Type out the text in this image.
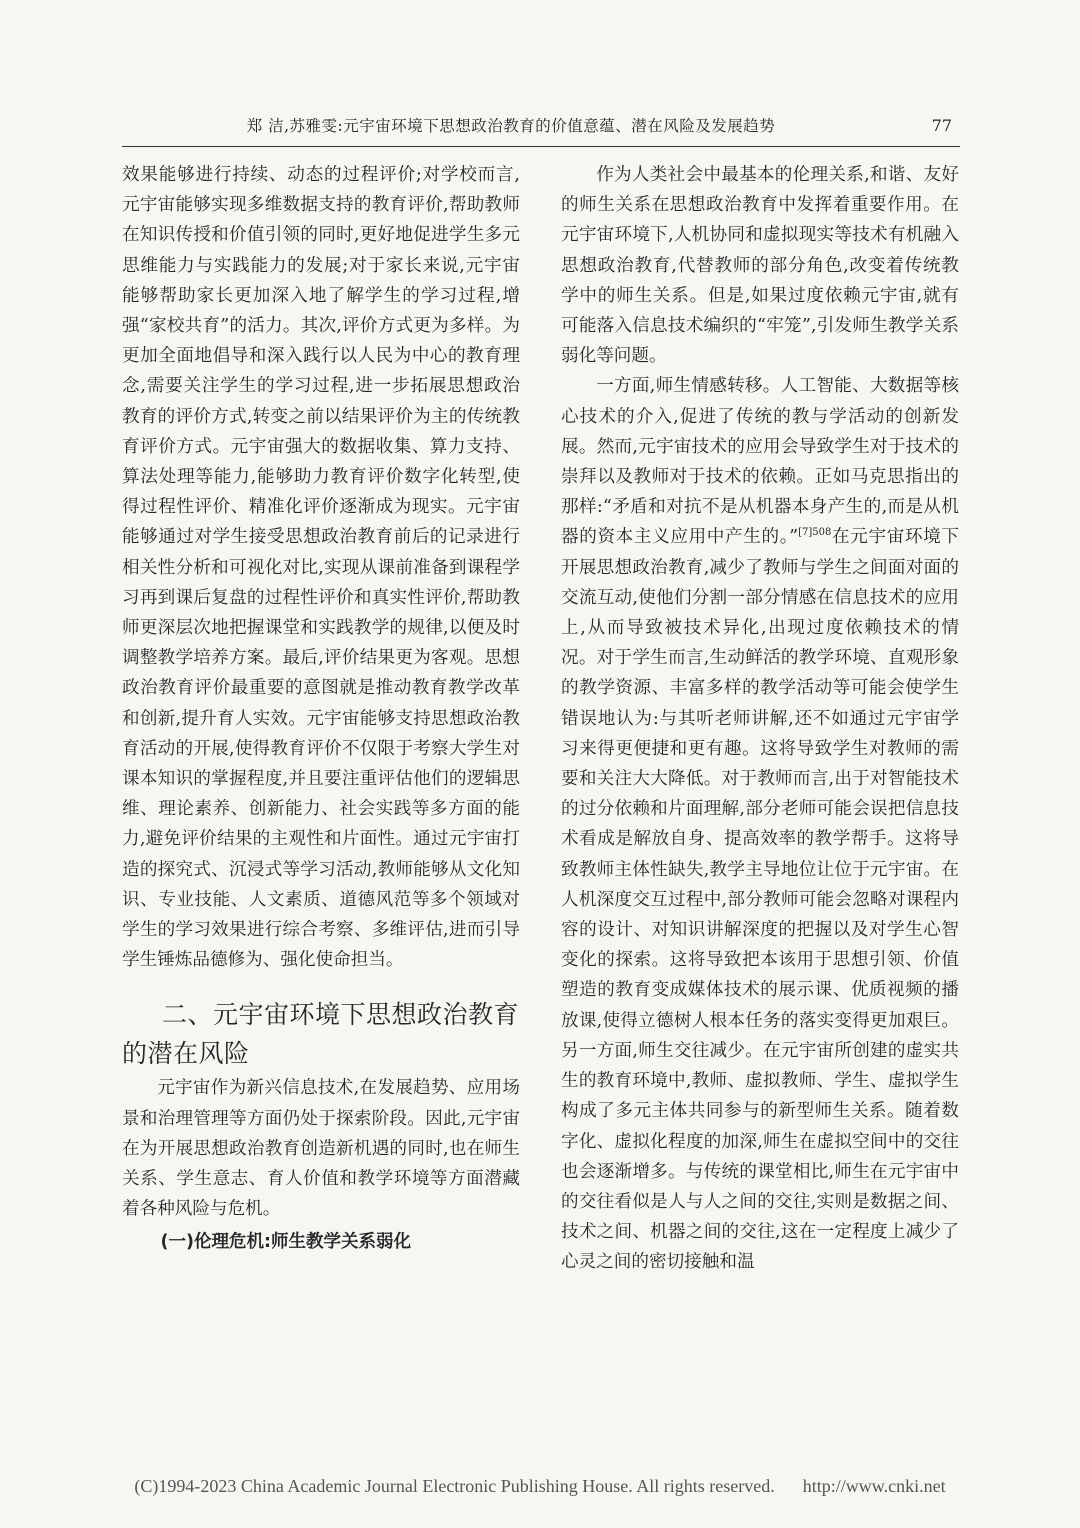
郑 洁,苏雅雯:元宇宙环境下思想政治教育的价值意蕴、潜在风险及发展趋势	77

效果能够进行持续、动态的过程评价;对学校而言,元宇宙能够实现多维数据支持的教育评价,帮助教师在知识传授和价值引领的同时,更好地促进学生多元思维能力与实践能力的发展;对于家长来说,元宇宙能够帮助家长更加深入地了解学生的学习过程,增强“家校共育”的活力。其次,评价方式更为多样。为更加全面地倡导和深入践行以人民为中心的教育理念,需要关注学生的学习过程,进一步拓展思想政治教育的评价方式,转变之前以结果评价为主的传统教育评价方式。元宇宙强大的数据收集、算力支持、算法处理等能力,能够助力教育评价数字化转型,使得过程性评价、精准化评价逐渐成为现实。元宇宙能够通过对学生接受思想政治教育前后的记录进行相关性分析和可视化对比,实现从课前准备到课程学习再到课后复盘的过程性评价和真实性评价,帮助教师更深层次地把握课堂和实践教学的规律,以便及时调整教学培养方案。最后,评价结果更为客观。思想政治教育评价最重要的意图就是推动教育教学改革和创新,提升育人实效。元宇宙能够支持思想政治教育活动的开展,使得教育评价不仅限于考察大学生对课本知识的掌握程度,并且要注重评估他们的逻辑思维、理论素养、创新能力、社会实践等多方面的能力,避免评价结果的主观性和片面性。通过元宇宙打造的探究式、沉浸式等学习活动,教师能够从文化知识、专业技能、人文素质、道德风范等多个领域对学生的学习效果进行综合考察、多维评估,进而引导学生锤炼品德修为、强化使命担当。

二、元宇宙环境下思想政治教育的潜在风险

元宇宙作为新兴信息技术,在发展趋势、应用场景和治理管理等方面仍处于探索阶段。因此,元宇宙在为开展思想政治教育创造新机遇的同时,也在师生关系、学生意志、育人价值和教学环境等方面潜藏着各种风险与危机。

(一)伦理危机:师生教学关系弱化

作为人类社会中最基本的伦理关系,和谐、友好的师生关系在思想政治教育中发挥着重要作用。在元宇宙环境下,人机协同和虚拟现实等技术有机融入思想政治教育,代替教师的部分角色,改变着传统教学中的师生关系。但是,如果过度依赖元宇宙,就有可能落入信息技术编织的“牢笼”,引发师生教学关系弱化等问题。

一方面,师生情感转移。人工智能、大数据等核心技术的介入,促进了传统的教与学活动的创新发展。然而,元宇宙技术的应用会导致学生对于技术的崇拜以及教师对于技术的依赖。正如马克思指出的那样:“矛盾和对抗不是从机器本身产生的,而是从机器的资本主义应用中产生的。”$^{[7]508}$在元宇宙环境下开展思想政治教育,减少了教师与学生之间面对面的交流互动,使他们分割一部分情感在信息技术的应用上,从而导致被技术异化,出现过度依赖技术的情况。对于学生而言,生动鲜活的教学环境、直观形象的教学资源、丰富多样的教学活动等可能会使学生错误地认为:与其听老师讲解,还不如通过元宇宙学习来得更便捷和更有趣。这将导致学生对教师的需要和关注大大降低。对于教师而言,出于对智能技术的过分依赖和片面理解,部分老师可能会误把信息技术看成是解放自身、提高效率的教学帮手。这将导致教师主体性缺失,教学主导地位让位于元宇宙。在人机深度交互过程中,部分教师可能会忽略对课程内容的设计、对知识讲解深度的把握以及对学生心智变化的探索。这将导致把本该用于思想引领、价值塑造的教育变成媒体技术的展示课、优质视频的播放课,使得立德树人根本任务的落实变得更加艰巨。另一方面,师生交往减少。在元宇宙所创建的虚实共生的教育环境中,教师、虚拟教师、学生、虚拟学生构成了多元主体共同参与的新型师生关系。随着数字化、虚拟化程度的加深,师生在虚拟空间中的交往也会逐渐增多。与传统的课堂相比,师生在元宇宙中的交往看似是人与人之间的交往,实则是数据之间、技术之间、机器之间的交往,这在一定程度上减少了心灵之间的密切接触和温

(C)1994-2023 China Academic Journal Electronic Publishing House. All rights reserved. http://www.cnki.net
